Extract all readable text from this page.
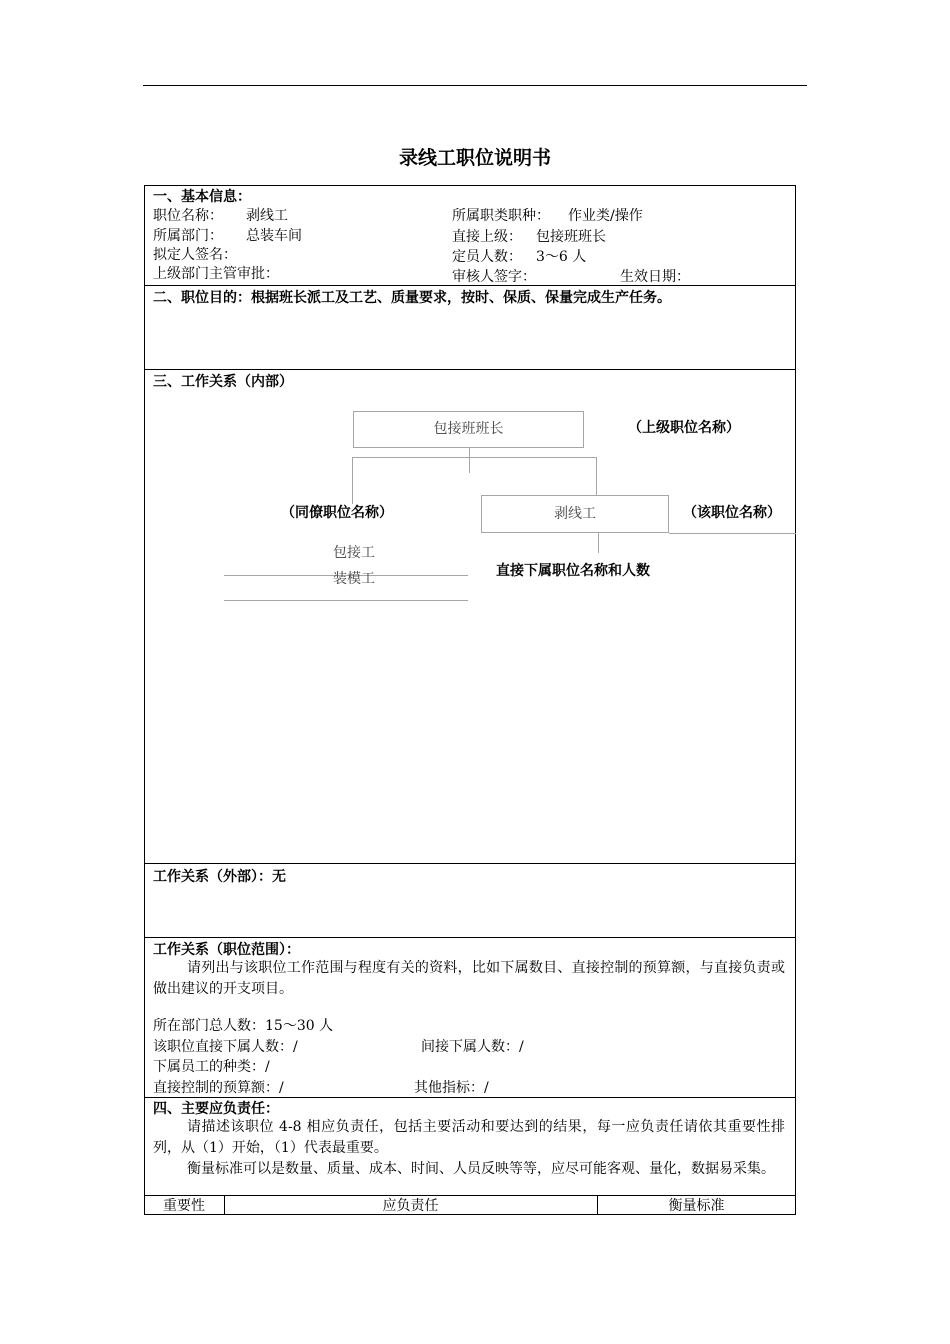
录线工职位说明书
一、基本信息：
职位名称： 剥线工	所属职类职种： 作业类/操作
所属部门： 总装车间	直接上级： 包接班班长
拟定人签名：	定员人数： 3～6 人
上级部门主管审批：	审核人签字：	生效日期：
二、职位目的：根据班长派工及工艺、质量要求，按时、保质、保量完成生产任务。
三、工作关系（内部）
包接班班长	（上级职位名称）
（同僚职位名称）	剥线工	（该职位名称）
包接工
装模工	直接下属职位名称和人数
工作关系（外部）：无
工作关系（职位范围）：
请列出与该职位工作范围与程度有关的资料，比如下属数目、直接控制的预算额，与直接负责或做出建议的开支项目。
所在部门总人数：15～30 人
该职位直接下属人数：/	间接下属人数：/
下属员工的种类：/
直接控制的预算额：/	其他指标：/
四、主要应负责任：
请描述该职位 4-8 相应负责任，包括主要活动和要达到的结果，每一应负责任请依其重要性排列，从（1）开始，（1）代表最重要。
衡量标准可以是数量、质量、成本、时间、人员反映等等，应尽可能客观、量化，数据易采集。
重要性	应负责任	衡量标准
